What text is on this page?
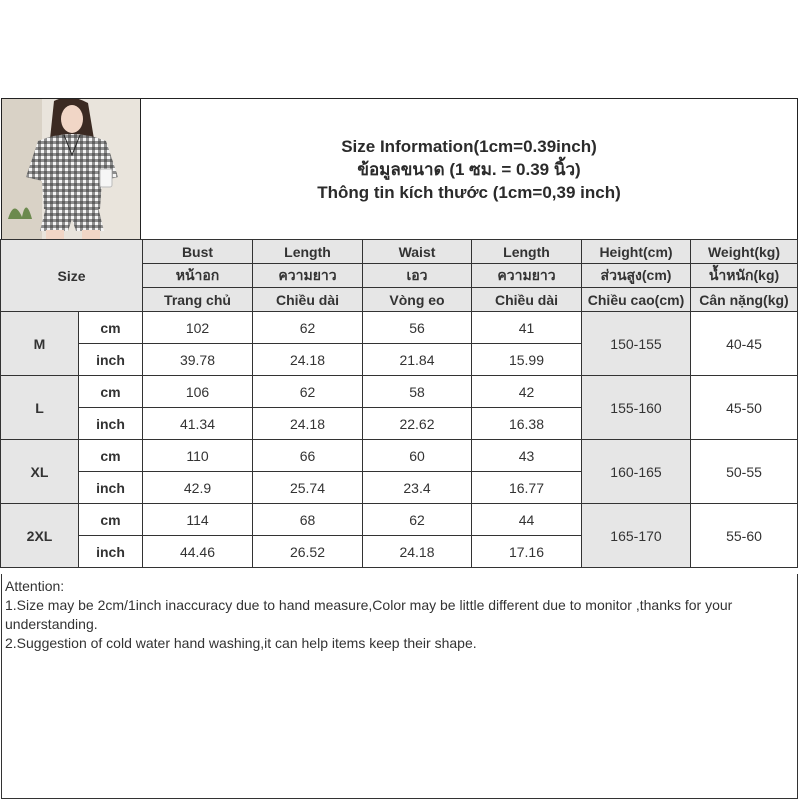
Size Information(1cm=0.39inch)
ข้อมูลขนาด (1 ซม. = 0.39 นิ้ว)
Thông tin kích thước (1cm=0,39 inch)
Size		Bust	Length	Waist	Length	Height(cm)	Weight(kg)
		หน้าอก	ความยาว	เอว	ความยาว	ส่วนสูง(cm)	น้ำหนัก(kg)
		Trang chủ	Chiều dài	Vòng eo	Chiều dài	Chiều cao(cm)	Cân nặng(kg)
M	cm	102	62	56	41	150-155	40-45
	inch	39.78	24.18	21.84	15.99		
L	cm	106	62	58	42	155-160	45-50
	inch	41.34	24.18	22.62	16.38		
XL	cm	110	66	60	43	160-165	50-55
	inch	42.9	25.74	23.4	16.77		
2XL	cm	114	68	62	44	165-170	55-60
	inch	44.46	26.52	24.18	17.16		

Attention:

1.Size may be 2cm/1inch inaccuracy due to hand measure,Color may be little different due to monitor ,thanks for your understanding.

2.Suggestion of cold water hand washing,it can help items keep their shape.
